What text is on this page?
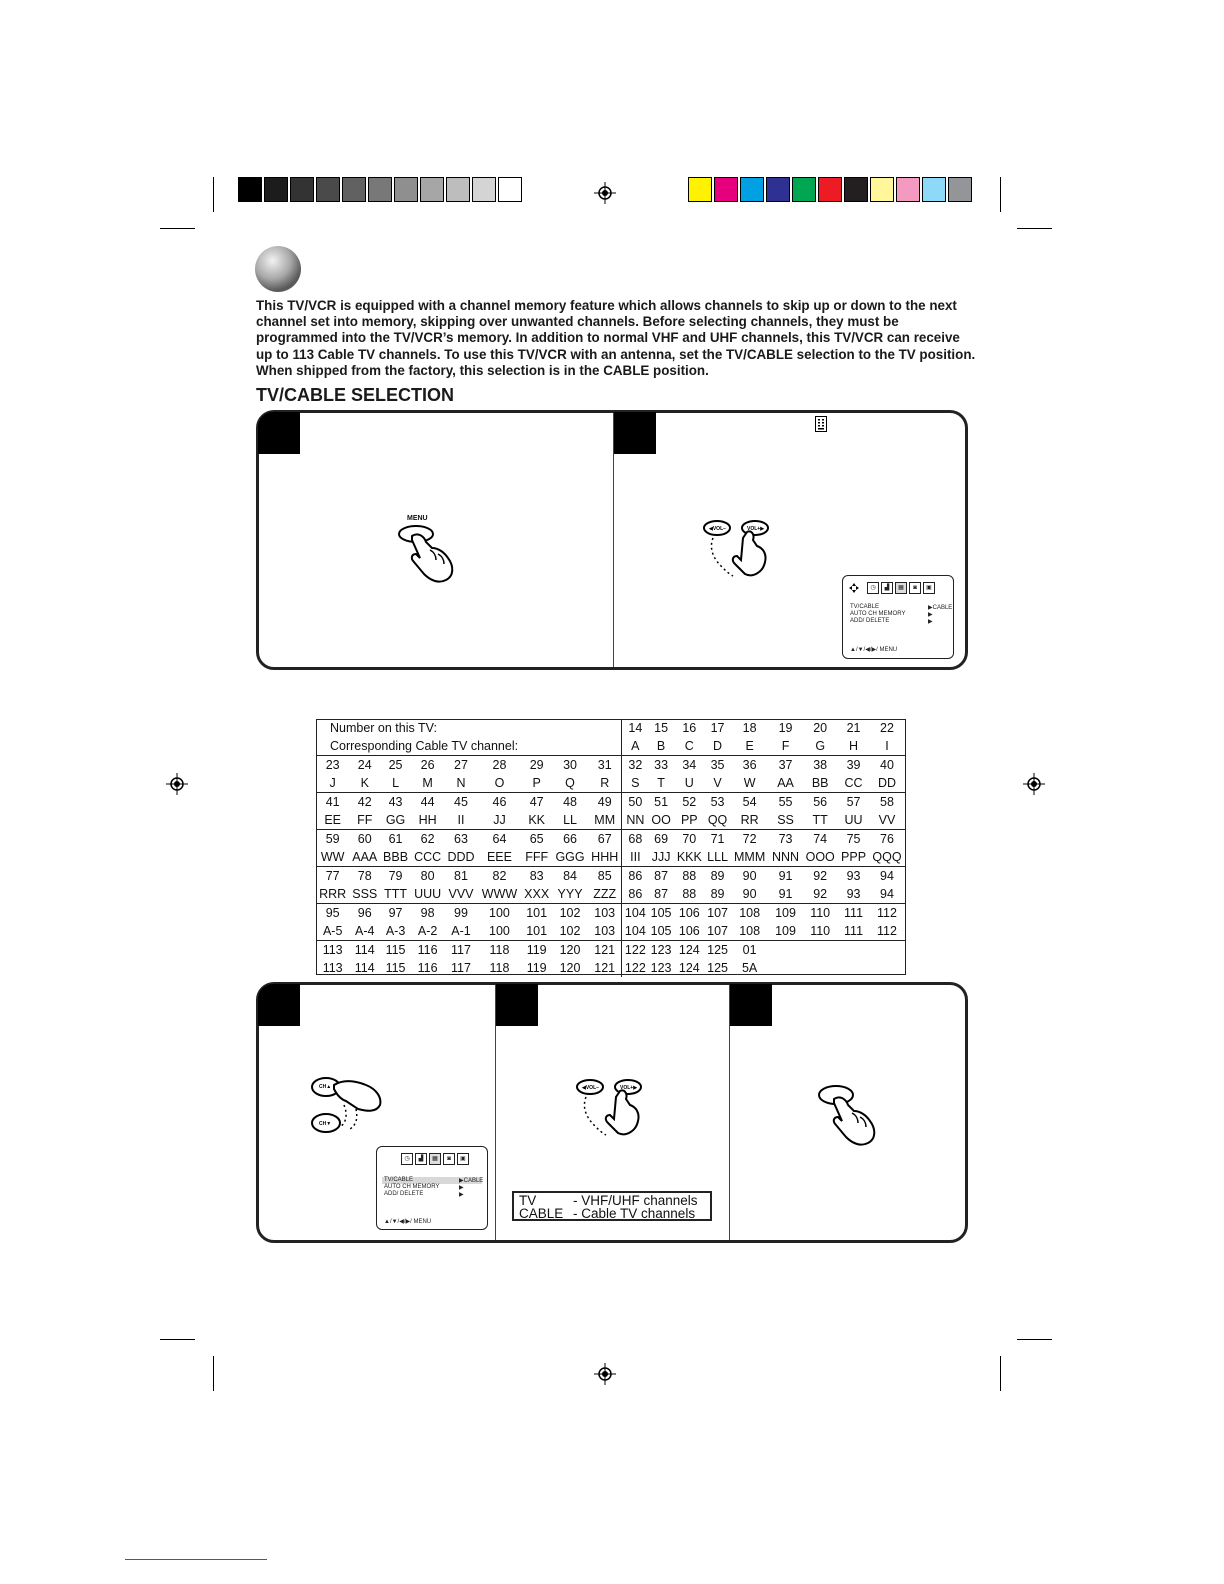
This TV/VCR is equipped with a channel memory feature which allows channels to skip up or down to the next channel set into memory, skipping over unwanted channels. Before selecting channels, they must be programmed into the TV/VCR’s memory. In addition to normal VHF and UHF channels, this TV/VCR can receive up to 113 Cable TV channels. To use this TV/VCR with an antenna, set the TV/CABLE selection to the TV position. When shipped from the factory, this selection is in the CABLE position.
TV/CABLE SELECTION
MENU
◀VOL–	VOL+▶
◷	▟	▦	◙	▣
TV/CABLE	▶CABLE
AUTO CH MEMORY	▶
ADD/ DELETE	▶
▲/▼/◀/▶/ MENU
Number on this TV:									14	15	16	17	18	19	20	21	22
Corresponding Cable TV channel:									A	B	C	D	E	F	G	H	I
23	24	25	26	27	28	29	30	31	32	33	34	35	36	37	38	39	40
J	K	L	M	N	O	P	Q	R	S	T	U	V	W	AA	BB	CC	DD
41	42	43	44	45	46	47	48	49	50	51	52	53	54	55	56	57	58
EE	FF	GG	HH	II	JJ	KK	LL	MM	NN	OO	PP	QQ	RR	SS	TT	UU	VV
59	60	61	62	63	64	65	66	67	68	69	70	71	72	73	74	75	76
WW	AAA	BBB	CCC	DDD	EEE	FFF	GGG	HHH	III	JJJ	KKK	LLL	MMM	NNN	OOO	PPP	QQQ
77	78	79	80	81	82	83	84	85	86	87	88	89	90	91	92	93	94
RRR	SSS	TTT	UUU	VVV	WWW	XXX	YYY	ZZZ	86	87	88	89	90	91	92	93	94
95	96	97	98	99	100	101	102	103	104	105	106	107	108	109	110	111	112
A-5	A-4	A-3	A-2	A-1	100	101	102	103	104	105	106	107	108	109	110	111	112
113	114	115	116	117	118	119	120	121	122	123	124	125	01				
113	114	115	116	117	118	119	120	121	122	123	124	125	5A				
CH▲
CH▼
◷	▟	▦	◙	▣
TV/CABLE	▶CABLE
AUTO CH MEMORY	▶
ADD/ DELETE	▶
▲/▼/◀/▶/ MENU
◀VOL–	VOL+▶
TV	- VHF/UHF channels
CABLE - Cable TV channels
